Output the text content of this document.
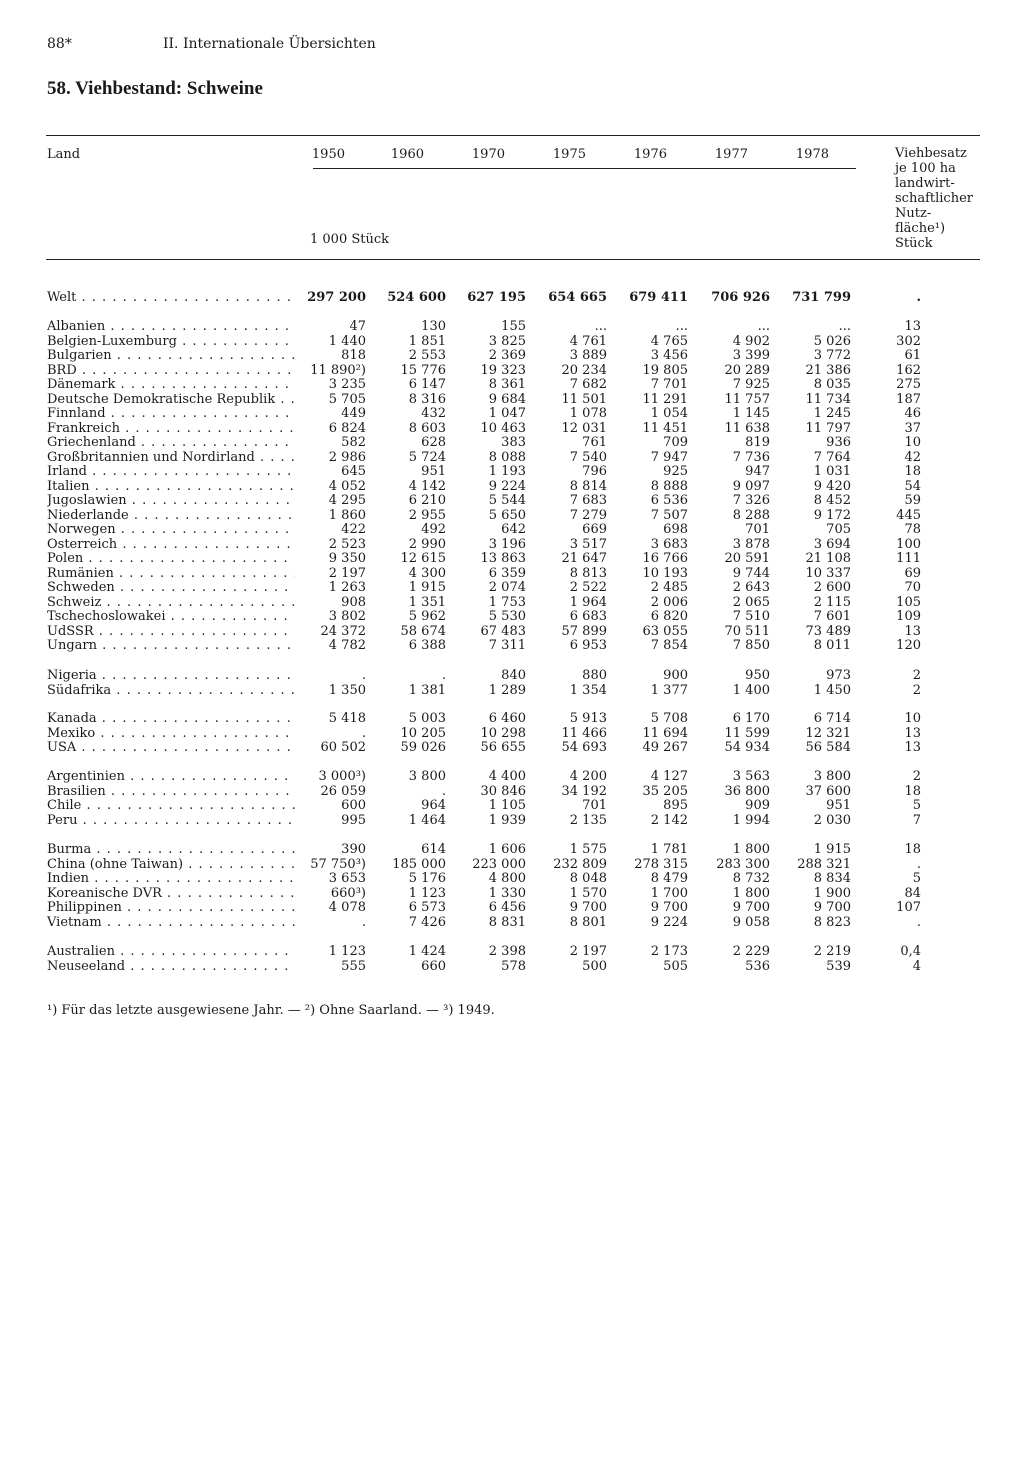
88*	II. Internationale Übersichten
58. Viehbestand: Schweine
Land	1950	1960	1970	1975	1976	1977	1978
1 000 Stück
Viehbesatz
je 100 ha
landwirt-
schaftlicher
Nutz-
fläche¹)
Stück
Welt . . .	297 200	524 600	627 195	654 665	679 411	706 926	731 799	.
Albanien . . .	47	130	155	...	...	...	...	13
Belgien-Luxemburg . . .	1 440	1 851	3 825	4 761	4 765	4 902	5 026	302
Bulgarien . . .	818	2 553	2 369	3 889	3 456	3 399	3 772	61
BRD . . .	11 890²)	15 776	19 323	20 234	19 805	20 289	21 386	162
Dänemark . . .	3 235	6 147	8 361	7 682	7 701	7 925	8 035	275
Deutsche Demokratische Republik . . .	5 705	8 316	9 684	11 501	11 291	11 757	11 734	187
Finnland . . .	449	432	1 047	1 078	1 054	1 145	1 245	46
Frankreich . . .	6 824	8 603	10 463	12 031	11 451	11 638	11 797	37
Griechenland . . .	582	628	383	761	709	819	936	10
Großbritannien und Nordirland . . .	2 986	5 724	8 088	7 540	7 947	7 736	7 764	42
Irland . . .	645	951	1 193	796	925	947	1 031	18
Italien . . .	4 052	4 142	9 224	8 814	8 888	9 097	9 420	54
Jugoslawien . . .	4 295	6 210	5 544	7 683	6 536	7 326	8 452	59
Niederlande . . .	1 860	2 955	5 650	7 279	7 507	8 288	9 172	445
Norwegen . . .	422	492	642	669	698	701	705	78
Österreich . . .	2 523	2 990	3 196	3 517	3 683	3 878	3 694	100
Polen . . .	9 350	12 615	13 863	21 647	16 766	20 591	21 108	111
Rumänien . . .	2 197	4 300	6 359	8 813	10 193	9 744	10 337	69
Schweden . . .	1 263	1 915	2 074	2 522	2 485	2 643	2 600	70
Schweiz . . .	908	1 351	1 753	1 964	2 006	2 065	2 115	105
Tschechoslowakei . . .	3 802	5 962	5 530	6 683	6 820	7 510	7 601	109
UdSSR . . .	24 372	58 674	67 483	57 899	63 055	70 511	73 489	13
Ungarn . . .	4 782	6 388	7 311	6 953	7 854	7 850	8 011	120
Nigeria . . .	.	.	840	880	900	950	973	2
Südafrika . . .	1 350	1 381	1 289	1 354	1 377	1 400	1 450	2
Kanada . . .	5 418	5 003	6 460	5 913	5 708	6 170	6 714	10
Mexiko . . .	.	10 205	10 298	11 466	11 694	11 599	12 321	13
USA . . .	60 502	59 026	56 655	54 693	49 267	54 934	56 584	13
Argentinien . . .	3 000³)	3 800	4 400	4 200	4 127	3 563	3 800	2
Brasilien . . .	26 059	.	30 846	34 192	35 205	36 800	37 600	18
Chile . . .	600	964	1 105	701	895	909	951	5
Peru . . .	995	1 464	1 939	2 135	2 142	1 994	2 030	7
Burma . . .	390	614	1 606	1 575	1 781	1 800	1 915	18
China (ohne Taiwan) . . .	57 750³)	185 000	223 000	232 809	278 315	283 300	288 321	.
Indien . . .	3 653	5 176	4 800	8 048	8 479	8 732	8 834	5
Koreanische DVR . . .	660³)	1 123	1 330	1 570	1 700	1 800	1 900	84
Philippinen . . .	4 078	6 573	6 456	9 700	9 700	9 700	9 700	107
Vietnam . . .	.	7 426	8 831	8 801	9 224	9 058	8 823	.
Australien . . .	1 123	1 424	2 398	2 197	2 173	2 229	2 219	0,4
Neuseeland . . .	555	660	578	500	505	536	539	4
¹) Für das letzte ausgewiesene Jahr. — ²) Ohne Saarland. — ³) 1949.
